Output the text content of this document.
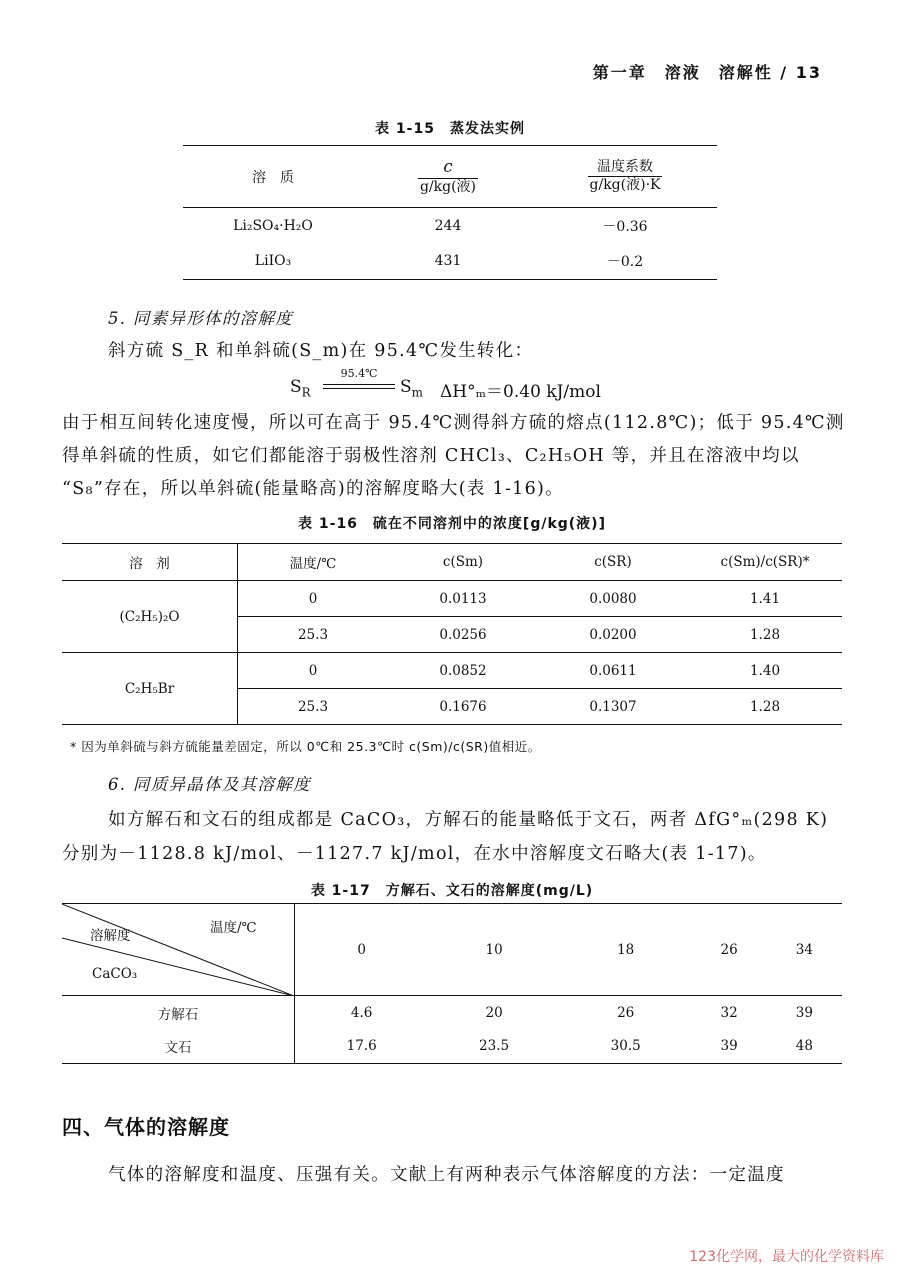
第一章　溶液　溶解性 / 13
表 1-15　蒸发法实例
溶　质	$\frac{c}{\text{g/kg(液)}}$	$\frac{\text{温度系数}}{\text{g/kg(液)·K}}$

Li₂SO₄·H₂O	244	－0.36
LiIO₃	431	－0.2
5. 同素异形体的溶解度
斜方硫 S_R 和单斜硫(S_m)在 95.4℃发生转化：
$S_R$
95.4℃
$S_m$ ΔH°ₘ＝0.40 kJ/mol
由于相互间转化速度慢，所以可在高于 95.4℃测得斜方硫的熔点(112.8℃)；低于 95.4℃测
得单斜硫的性质，如它们都能溶于弱极性溶剂 CHCl₃、C₂H₅OH 等，并且在溶液中均以
“S₈”存在，所以单斜硫(能量略高)的溶解度略大(表 1-16)。
表 1-16　硫在不同溶剂中的浓度[g/kg(液)]
溶　剂	温度/℃	c(Sm)	c(SR)	c(Sm)/c(SR)*
(C₂H₅)₂O	0	0.0113	0.0080	1.41
	25.3	0.0256	0.0200	1.28
C₂H₅Br	0	0.0852	0.0611	1.40
	25.3	0.1676	0.1307	1.28
* 因为单斜硫与斜方硫能量差固定，所以 0℃和 25.3℃时 c(Sm)/c(SR)值相近。
6. 同质异晶体及其溶解度
如方解石和文石的组成都是 CaCO₃，方解石的能量略低于文石，两者 ΔfG°ₘ(298 K)
分别为－1128.8 kJ/mol、－1127.7 kJ/mol，在水中溶解度文石略大(表 1-17)。
表 1-17　方解石、文石的溶解度(mg/L)
温度/℃
溶解度
CaCO₃	0	10	18	26	34
方解石	4.6	20	26	32	39
文石	17.6	23.5	30.5	39	48
四、气体的溶解度
气体的溶解度和温度、压强有关。文献上有两种表示气体溶解度的方法：一定温度
123化学网，最大的化学资料库
